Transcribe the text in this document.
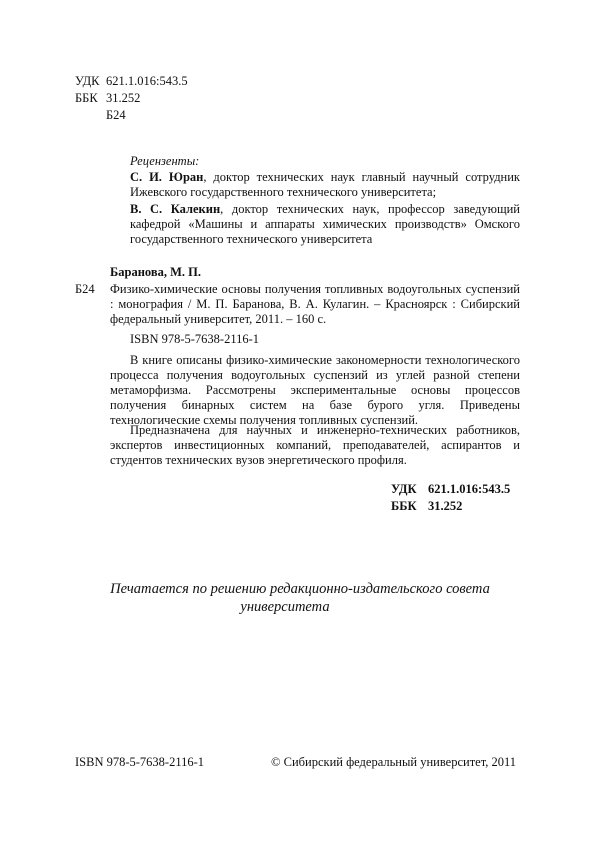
УДК 621.1.016:543.5
ББК 31.252
Б24
Рецензенты:

С. И. Юран, доктор технических наук главный научный сотрудник Ижевского государственного технического университета;

В. С. Калекин, доктор технических наук, профессор заведующий кафедрой «Машины и аппараты химических производств» Омского государственного технического университета

Баранова, М. П.
Б24 Физико-химические основы получения топливных водоугольных суспензий : монография / М. П. Баранова, В. А. Кулагин. – Красноярск : Сибирский федеральный университет, 2011. – 160 с.
ISBN 978-5-7638-2116-1
В книге описаны физико-химические закономерности технологического процесса получения водоугольных суспензий из углей разной степени метаморфизма. Рассмотрены экспериментальные основы процессов получения бинарных систем на базе бурого угля. Приведены технологические схемы получения топливных суспензий.
Предназначена для научных и инженерно-технических работников, экспертов инвестиционных компаний, преподавателей, аспирантов и студентов технических вузов энергетического профиля.
УДК 621.1.016:543.5
ББК 31.252
Печатается по решению редакционно-издательского совета
университета
ISBN 978-5-7638-2116-1	© Сибирский федеральный университет, 2011
